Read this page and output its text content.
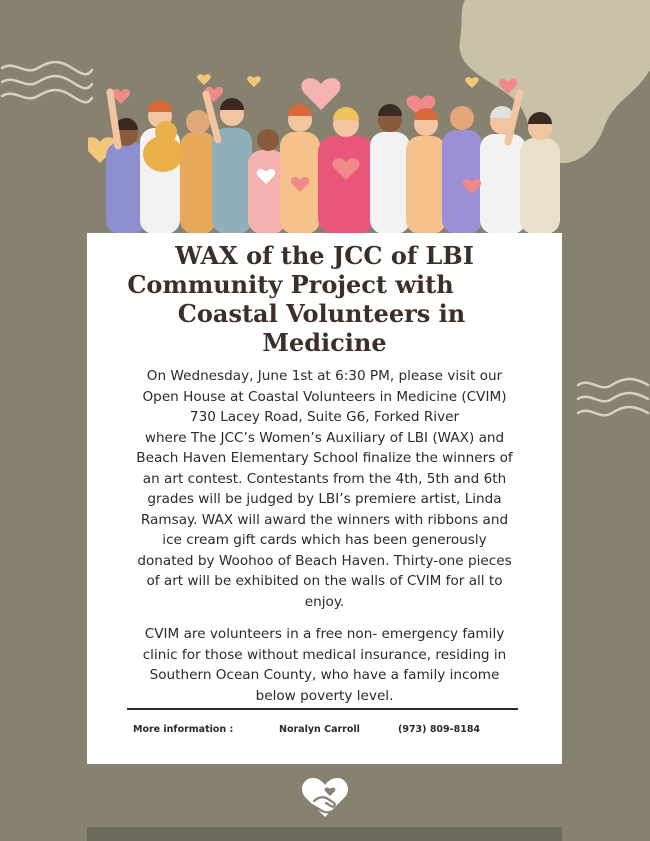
WAX of the JCC of LBI
Community Project with
Coastal Volunteers in
Medicine
On Wednesday, June 1st at 6:30 PM, please visit our
Open House at Coastal Volunteers in Medicine (CVIM)
730 Lacey Road, Suite G6, Forked River
where The JCC’s Women’s Auxiliary of LBI (WAX) and
Beach Haven Elementary School finalize the winners of
an art contest. Contestants from the 4th, 5th and 6th
grades will be judged by LBI’s premiere artist, Linda
Ramsay. WAX will award the winners with ribbons and
ice cream gift cards which has been generously
donated by Woohoo of Beach Haven. Thirty-one pieces
of art will be exhibited on the walls of CVIM for all to
enjoy.
CVIM are volunteers in a free non- emergency family
clinic for those without medical insurance, residing in
Southern Ocean County, who have a family income
below poverty level.
More information :	Noralyn Carroll	(973) 809-8184
